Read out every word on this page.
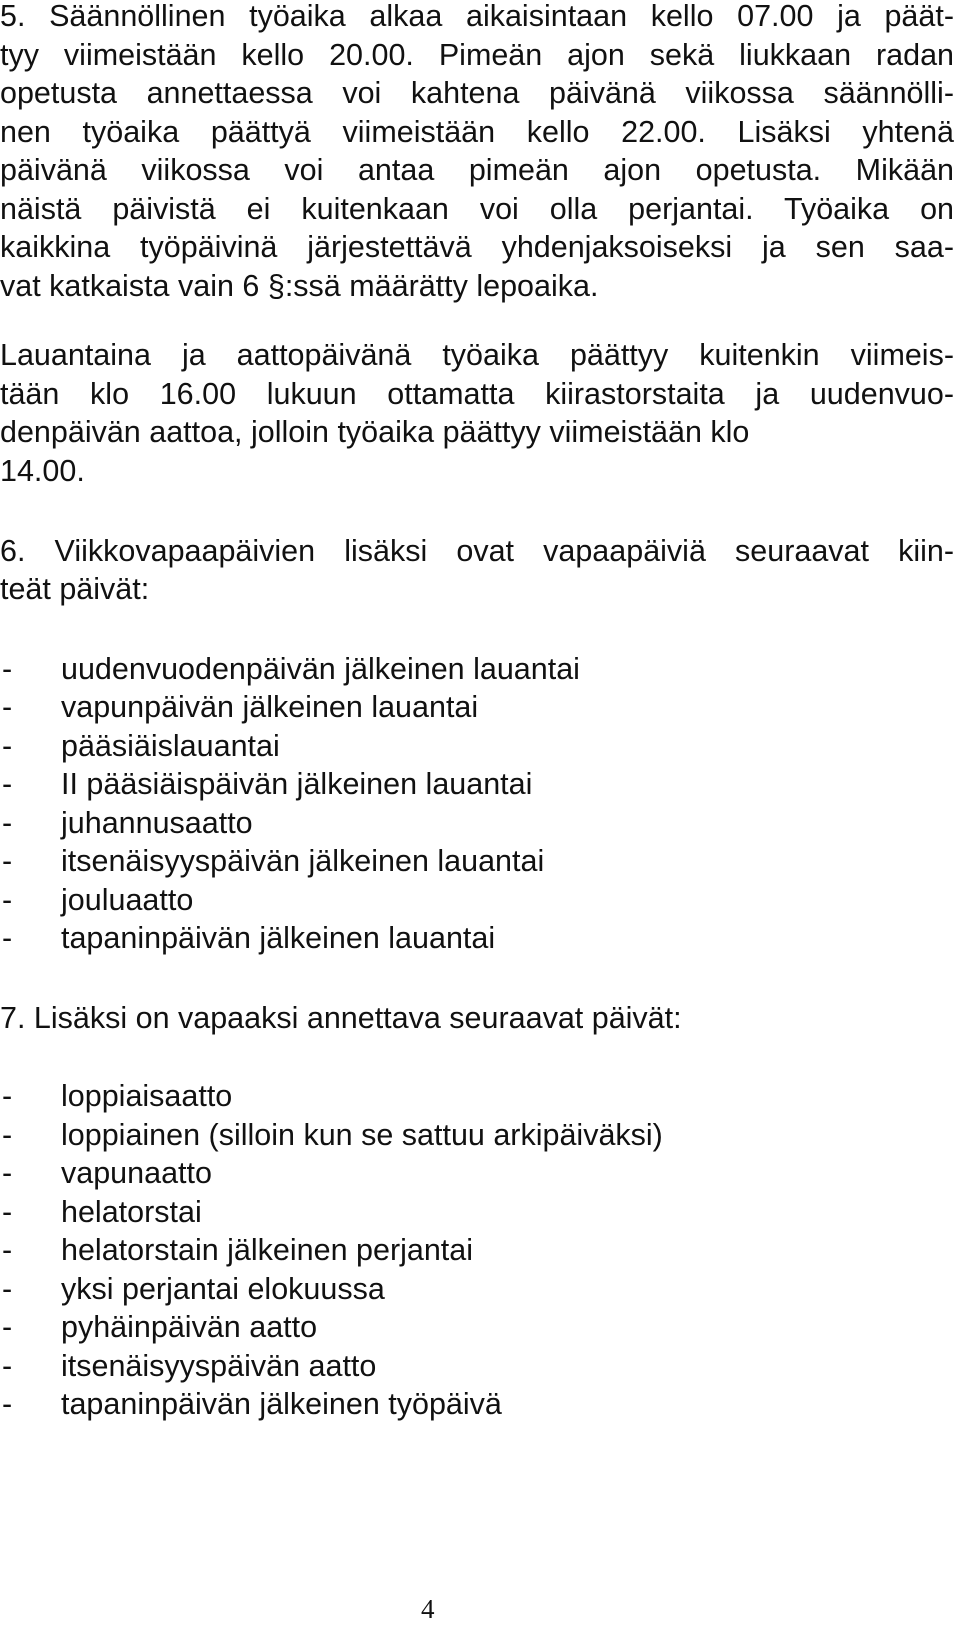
5. Säännöllinen työaika alkaa aikaisintaan kello 07.00 ja päät-
tyy viimeistään kello 20.00. Pimeän ajon sekä liukkaan radan
opetusta annettaessa voi kahtena päivänä viikossa säännölli-
nen työaika päättyä viimeistään kello 22.00. Lisäksi yhtenä
päivänä viikossa voi antaa pimeän ajon opetusta. Mikään
näistä päivistä ei kuitenkaan voi olla perjantai. Työaika on
kaikkina työpäivinä järjestettävä yhdenjaksoiseksi ja sen saa-
vat katkaista vain 6 §:ssä määrätty lepoaika.
Lauantaina ja aattopäivänä työaika päättyy kuitenkin viimeis-
tään klo 16.00 lukuun ottamatta kiirastorstaita ja uudenvuo-
denpäivän aattoa, jolloin työaika päättyy viimeistään klo
14.00.
6. Viikkovapaapäivien lisäksi ovat vapaapäiviä seuraavat kiin-
teät päivät:
- uudenvuodenpäivän jälkeinen lauantai
- vapunpäivän jälkeinen lauantai
- pääsiäislauantai
- II pääsiäispäivän jälkeinen lauantai
- juhannusaatto
- itsenäisyyspäivän jälkeinen lauantai
- jouluaatto
- tapaninpäivän jälkeinen lauantai
7. Lisäksi on vapaaksi annettava seuraavat päivät:
- loppiaisaatto
- loppiainen (silloin kun se sattuu arkipäiväksi)
- vapunaatto
- helatorstai
- helatorstain jälkeinen perjantai
- yksi perjantai elokuussa
- pyhäinpäivän aatto
- itsenäisyyspäivän aatto
- tapaninpäivän jälkeinen työpäivä
4
